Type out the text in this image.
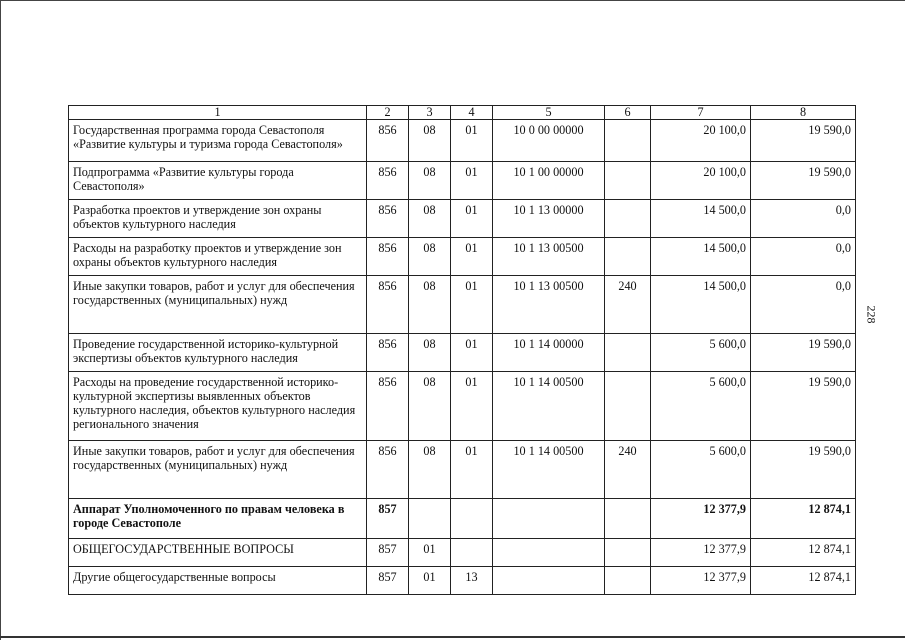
1	2	3	4	5	6	7	8
Государственная программа города Севастополя «Развитие культуры и туризма города Севастополя»	856	08	01	10 0 00 00000		20 100,0	19 590,0
Подпрограмма «Развитие культуры города Севастополя»	856	08	01	10 1 00 00000		20 100,0	19 590,0
Разработка проектов и утверждение зон охраны объектов культурного наследия	856	08	01	10 1 13 00000		14 500,0	0,0
Расходы на разработку проектов и утверждение зон охраны объектов культурного наследия	856	08	01	10 1 13 00500		14 500,0	0,0
Иные закупки товаров, работ и услуг для обеспечения государственных (муниципальных) нужд	856	08	01	10 1 13 00500	240	14 500,0	0,0
Проведение государственной историко-культурной экспертизы объектов культурного наследия	856	08	01	10 1 14 00000		5 600,0	19 590,0
Расходы на проведение государственной историко-культурной экспертизы выявленных объектов культурного наследия, объектов культурного наследия регионального значения	856	08	01	10 1 14 00500		5 600,0	19 590,0
Иные закупки товаров, работ и услуг для обеспечения государственных (муниципальных) нужд	856	08	01	10 1 14 00500	240	5 600,0	19 590,0
Аппарат Уполномоченного по правам человека в городе Севастополе	857					12 377,9	12 874,1
ОБЩЕГОСУДАРСТВЕННЫЕ ВОПРОСЫ	857	01				12 377,9	12 874,1
Другие общегосударственные вопросы	857	01	13			12 377,9	12 874,1
228
